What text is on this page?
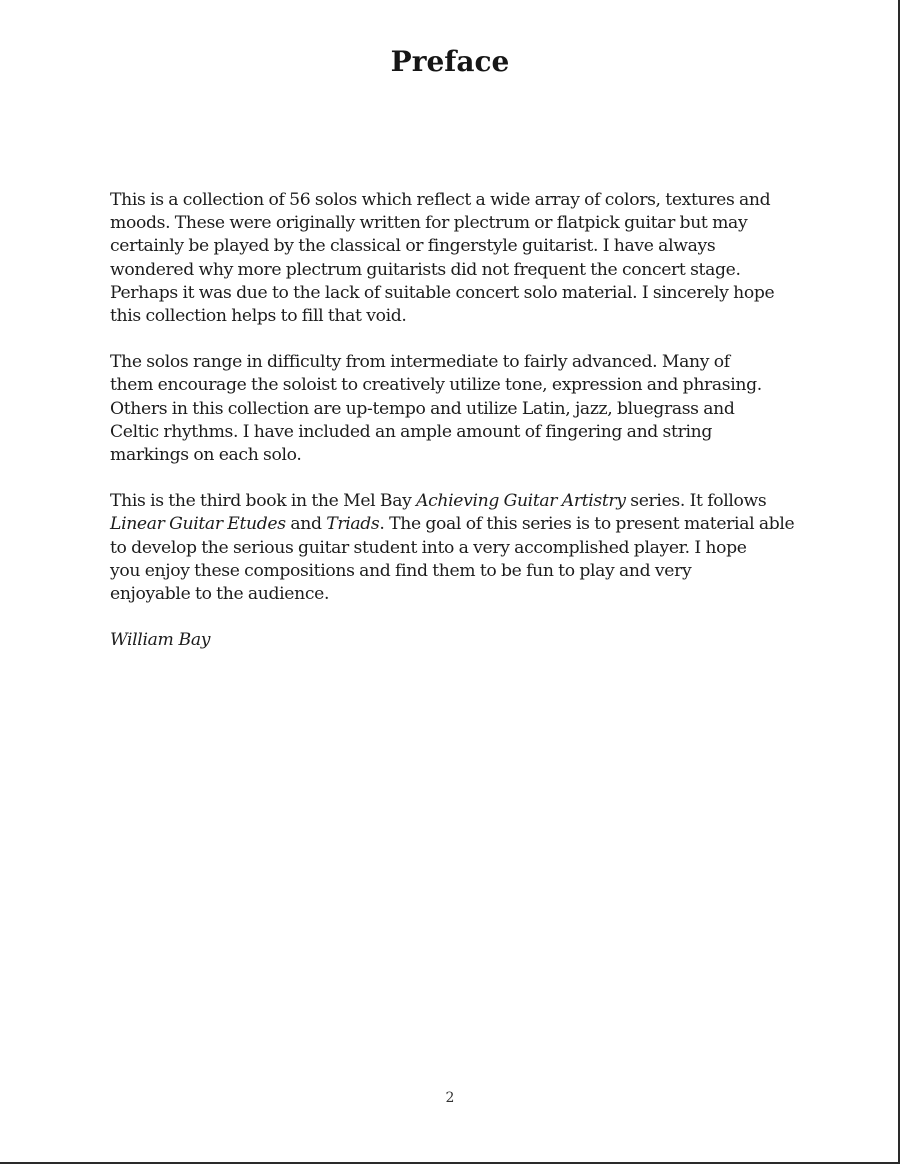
Preface

This is a collection of 56 solos which reflect a wide array of colors, textures and
moods. These were originally written for plectrum or flatpick guitar but may
certainly be played by the classical or fingerstyle guitarist. I have always
wondered why more plectrum guitarists did not frequent the concert stage.
Perhaps it was due to the lack of suitable concert solo material. I sincerely hope
this collection helps to fill that void.

The solos range in difficulty from intermediate to fairly advanced. Many of
them encourage the soloist to creatively utilize tone, expression and phrasing.
Others in this collection are up-tempo and utilize Latin, jazz, bluegrass and
Celtic rhythms. I have included an ample amount of fingering and string
markings on each solo.

This is the third book in the Mel Bay Achieving Guitar Artistry series. It follows
Linear Guitar Etudes and Triads. The goal of this series is to present material able
to develop the serious guitar student into a very accomplished player. I hope
you enjoy these compositions and find them to be fun to play and very
enjoyable to the audience.

William Bay

2
